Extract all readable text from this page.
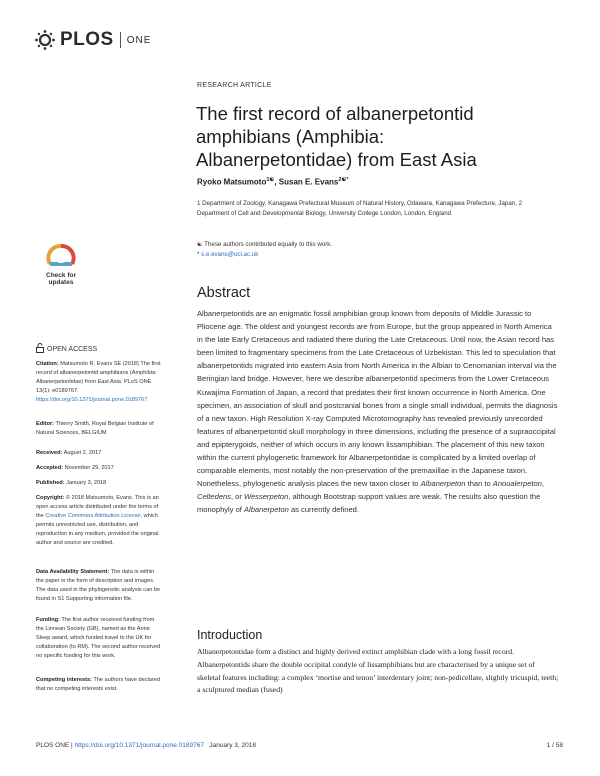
PLOS ONE
RESEARCH ARTICLE
The first record of albanerpetontid amphibians (Amphibia: Albanerpetontidae) from East Asia
Ryoko Matsumoto$^{1☯}$, Susan E. Evans$^{2☯*}$
1 Department of Zoology, Kanagawa Prefectural Museum of Natural History, Odawara, Kanagawa Prefecture, Japan, 2 Department of Cell and Developmental Biology, University College London, London, England
☯ These authors contributed equally to this work.
* s.e.evans@ucl.ac.uk
Check for
updates
OPEN ACCESS
Citation: Matsumoto R, Evans SE (2018) The first record of albanerpetontid amphibians (Amphibia: Albanerpetontidae) from East Asia. PLoS ONE 13(1): e0189767. https://doi.org/10.1371/journal.pone.0189767
Editor: Thierry Smith, Royal Belgian Institute of Natural Sciences, BELGIUM
Received: August 2, 2017
Accepted: November 29, 2017
Published: January 3, 2018
Copyright: © 2018 Matsumoto, Evans. This is an open access article distributed under the terms of the Creative Commons Attribution License, which permits unrestricted use, distribution, and reproduction in any medium, provided the original author and source are credited.
Data Availability Statement: The data is within the paper in the form of description and images. The data used in the phylogenetic analysis can be found in S1 Supporting information file.
Funding: The first author received funding from the Linnean Society (GB), named as the Anne Sleep award, which funded travel to the UK for collaboration (to RM). The second author received no specific funding for this work.
Competing interests: The authors have declared that no competing interests exist.
Abstract
Albanerpetontids are an enigmatic fossil amphibian group known from deposits of Middle Jurassic to Pliocene age. The oldest and youngest records are from Europe, but the group appeared in North America in the late Early Cretaceous and radiated there during the Late Cretaceous. Until now, the Asian record has been limited to fragmentary specimens from the Late Cretaceous of Uzbekistan. This led to speculation that albanerpetontids migrated into eastern Asia from North America in the Albian to Cenomanian interval via the Beringian land bridge. However, here we describe albanerpetontid specimens from the Lower Cretaceous Kuwajima Formation of Japan, a record that predates their first known occurrence in North America. One specimen, an association of skull and postcranial bones from a single small individual, permits the diagnosis of a new taxon. High Resolution X-ray Computed Microtomography has revealed previously unrecorded features of albanerpetontid skull morphology in three dimensions, including the presence of a supraoccipital and epipterygoids, neither of which occurs in any known lissamphibian. The placement of this new taxon within the current phylogenetic framework for Albanerpetontidae is complicated by a limited overlap of comparable elements, most notably the non-preservation of the premaxillae in the Japanese taxon. Nonetheless, phylogenetic analysis places the new taxon closer to Albanerpeton than to Anoualerpeton, Celtedens, or Wesserpeton, although Bootstrap support values are weak. The results also question the monophyly of Albanerpeton as currently defined.
Introduction
Albanerpetontidae form a distinct and highly derived extinct amphibian clade with a long fossil record. Albanerpetontids share the double occipital condyle of lissamphibians but are characterised by a unique set of skeletal features including: a complex ‘mortise and tenon’ interdentary joint; non-pedicellate, slightly tricuspid, teeth; a sculptured median (fused)
PLOS ONE | https://doi.org/10.1371/journal.pone.0189767 January 3, 2018	1 / 58
